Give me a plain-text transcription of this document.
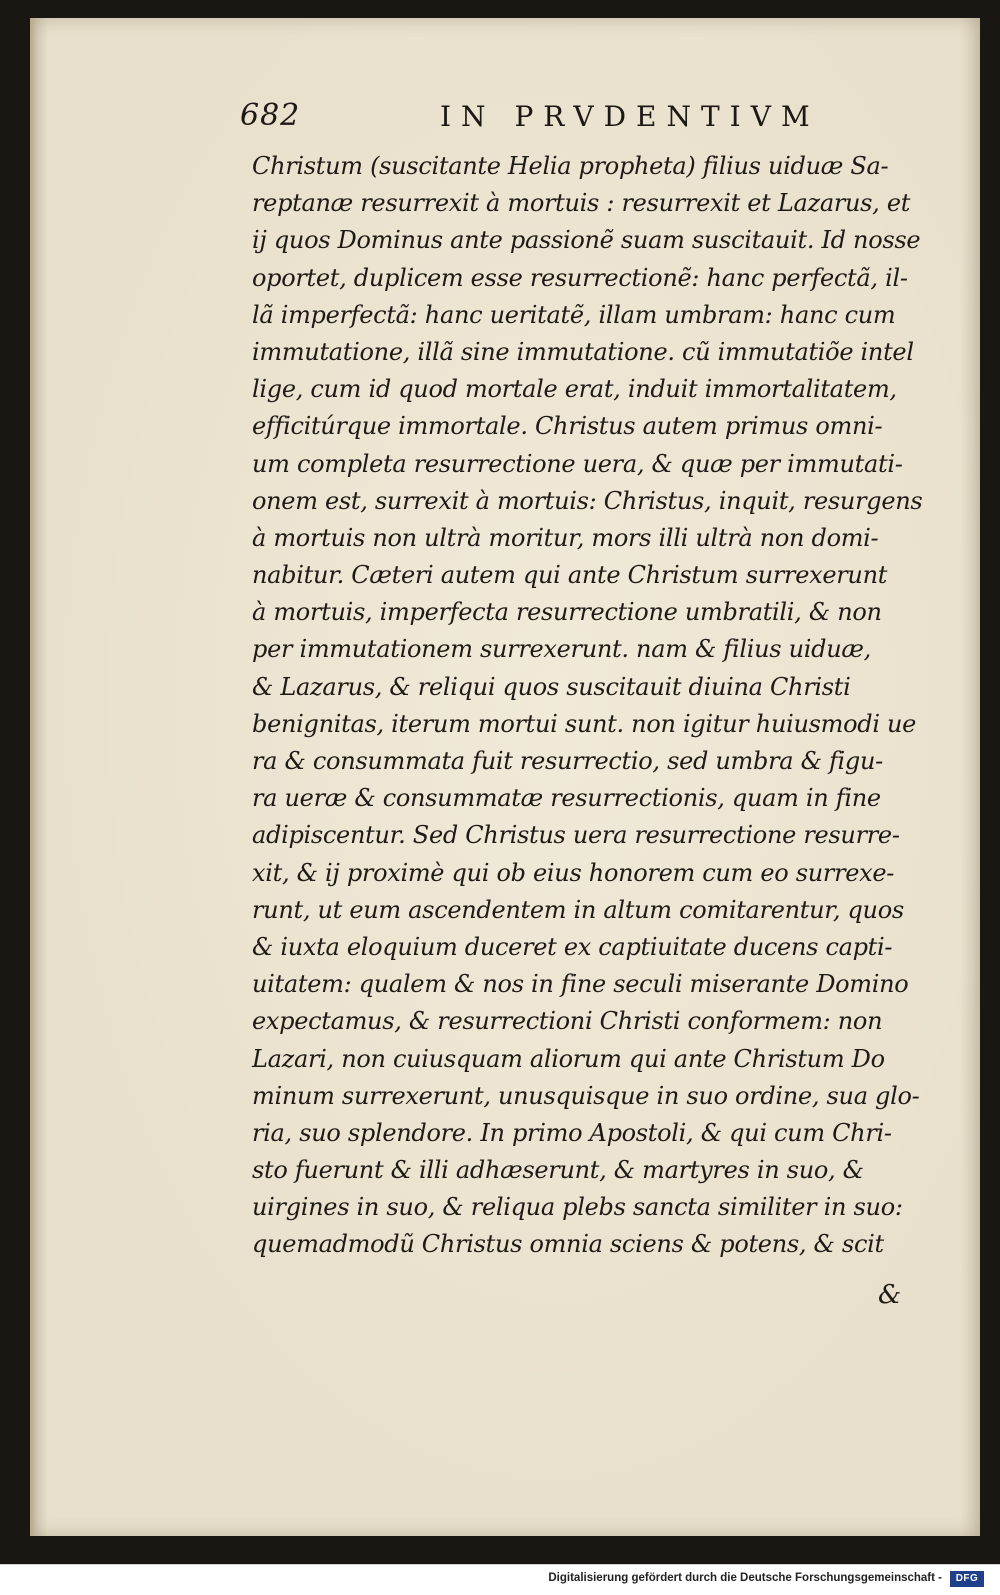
682	IN PRVDENTIVM
Christum (suscitante Helia propheta) filius uiduæ Sa-
reptanæ resurrexit à mortuis : resurrexit et Lazarus, et
ij quos Dominus ante passionẽ suam suscitauit. Id nosse
oportet, duplicem esse resurrectionẽ: hanc perfectã, il-
lã imperfectã: hanc ueritatẽ, illam umbram: hanc cum
immutatione, illã sine immutatione. cũ immutatiõe intel
lige, cum id quod mortale erat, induit immortalitatem,
efficitúrque immortale. Christus autem primus omni-
um completa resurrectione uera, & quæ per immutati-
onem est, surrexit à mortuis: Christus, inquit, resurgens
à mortuis non ultrà moritur, mors illi ultrà non domi-
nabitur. Cæteri autem qui ante Christum surrexerunt
à mortuis, imperfecta resurrectione umbratili, & non
per immutationem surrexerunt. nam & filius uiduæ,
& Lazarus, & reliqui quos suscitauit diuina Christi
benignitas, iterum mortui sunt. non igitur huiusmodi ue
ra & consummata fuit resurrectio, sed umbra & figu-
ra ueræ & consummatæ resurrectionis, quam in fine
adipiscentur. Sed Christus uera resurrectione resurre-
xit, & ij proximè qui ob eius honorem cum eo surrexe-
runt, ut eum ascendentem in altum comitarentur, quos
& iuxta eloquium duceret ex captiuitate ducens capti-
uitatem: qualem & nos in fine seculi miserante Domino
expectamus, & resurrectioni Christi conformem: non
Lazari, non cuiusquam aliorum qui ante Christum Do
minum surrexerunt, unusquisque in suo ordine, sua glo-
ria, suo splendore. In primo Apostoli, & qui cum Chri-
sto fuerunt & illi adhæserunt, & martyres in suo, &
uirgines in suo, & reliqua plebs sancta similiter in suo:
quemadmodũ Christus omnia sciens & potens, & scit
&
Digitalisierung gefördert durch die Deutsche Forschungsgemeinschaft -	DFG
